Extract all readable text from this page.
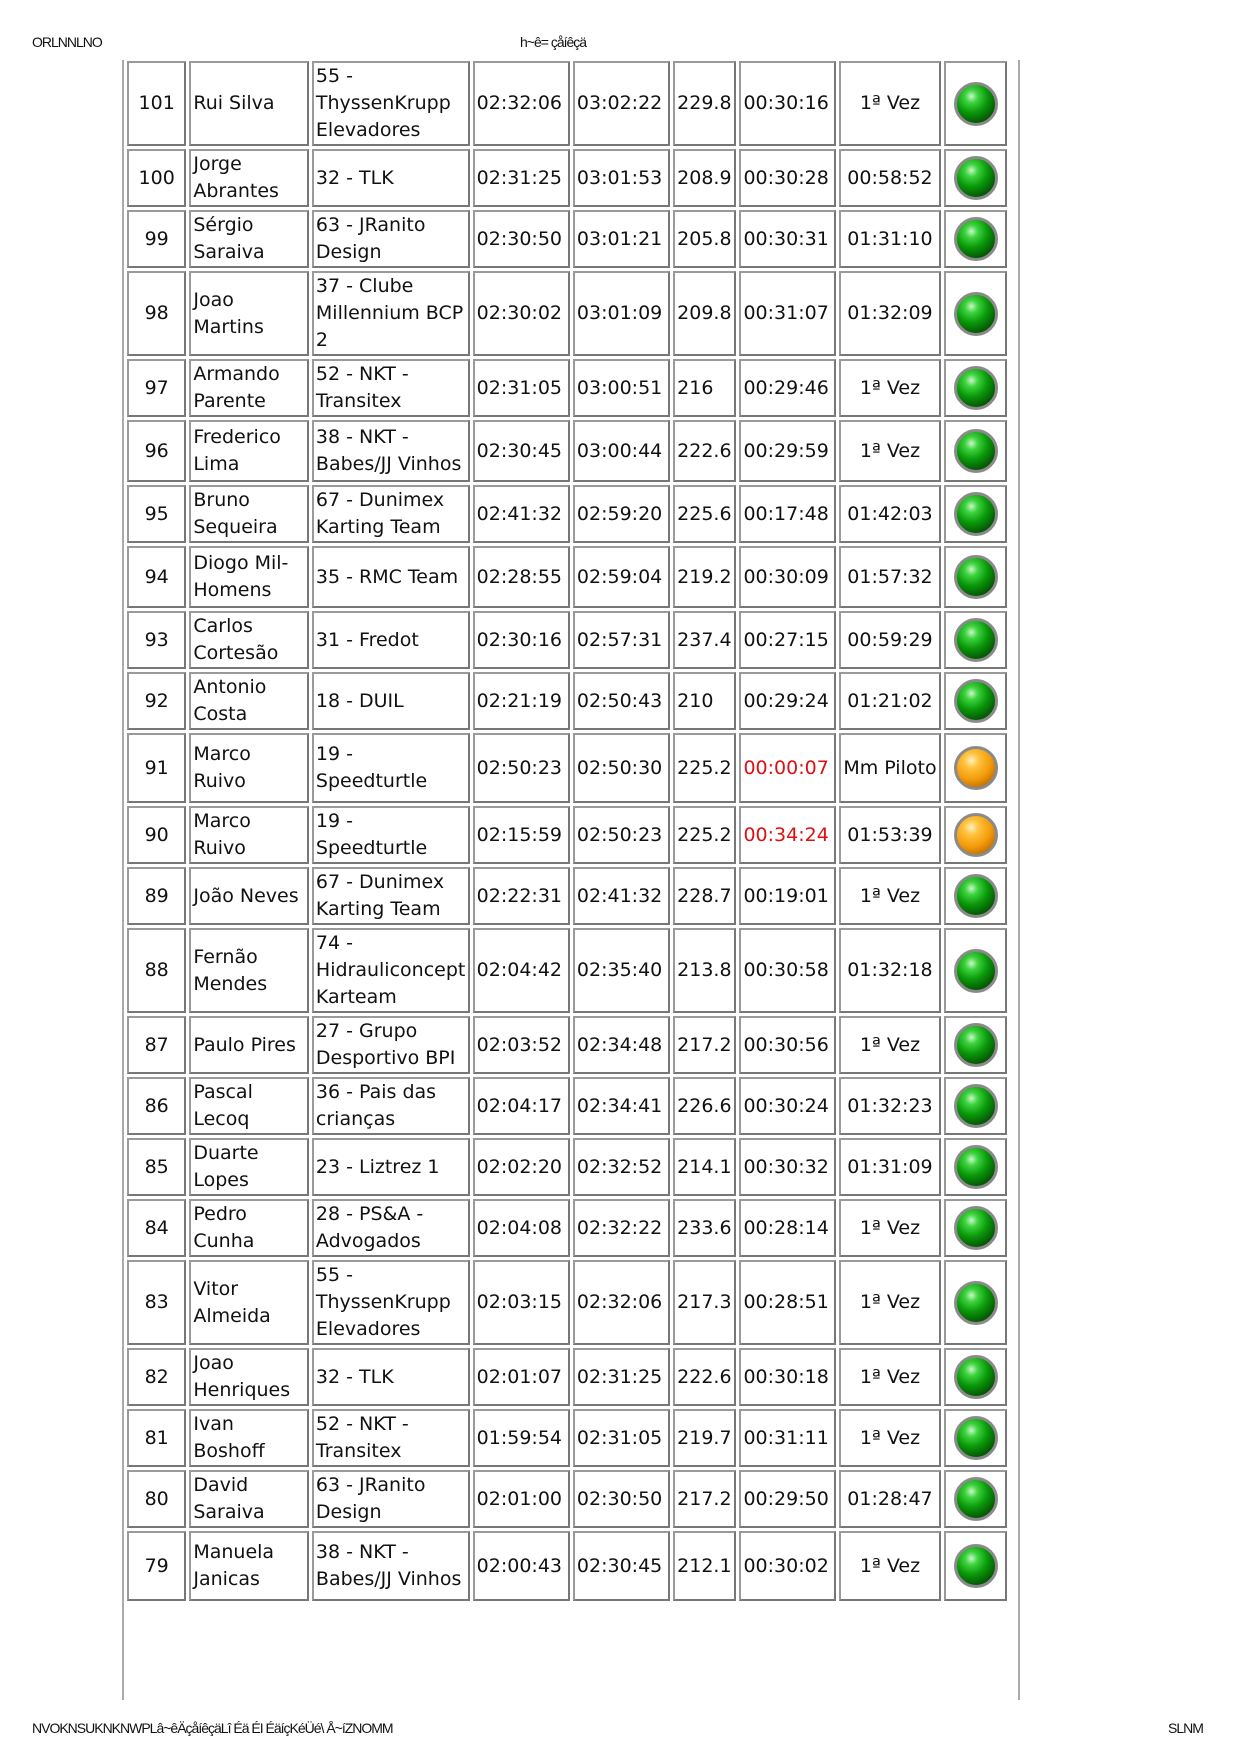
ORLNNLNO	h~ê= çåíêçä
101	Rui Silva	55 - ThyssenKrupp Elevadores	02:32:06	03:02:22	229.8	00:30:16	1ª Vez	
100	Jorge Abrantes	32 - TLK	02:31:25	03:01:53	208.9	00:30:28	00:58:52	
99	Sérgio Saraiva	63 - JRanito Design	02:30:50	03:01:21	205.8	00:30:31	01:31:10	
98	Joao Martins	37 - Clube Millennium BCP 2	02:30:02	03:01:09	209.8	00:31:07	01:32:09	
97	Armando Parente	52 - NKT - Transitex	02:31:05	03:00:51	216	00:29:46	1ª Vez	
96	Frederico Lima	38 - NKT - Babes/JJ Vinhos	02:30:45	03:00:44	222.6	00:29:59	1ª Vez	
95	Bruno Sequeira	67 - Dunimex Karting Team	02:41:32	02:59:20	225.6	00:17:48	01:42:03	
94	Diogo Mil-Homens	35 - RMC Team	02:28:55	02:59:04	219.2	00:30:09	01:57:32	
93	Carlos Cortesão	31 - Fredot	02:30:16	02:57:31	237.4	00:27:15	00:59:29	
92	Antonio Costa	18 - DUIL	02:21:19	02:50:43	210	00:29:24	01:21:02	
91	Marco Ruivo	19 - Speedturtle	02:50:23	02:50:30	225.2	00:00:07	Mm Piloto	
90	Marco Ruivo	19 - Speedturtle	02:15:59	02:50:23	225.2	00:34:24	01:53:39	
89	João Neves	67 - Dunimex Karting Team	02:22:31	02:41:32	228.7	00:19:01	1ª Vez	
88	Fernão Mendes	74 - Hidrauliconcept Karteam	02:04:42	02:35:40	213.8	00:30:58	01:32:18	
87	Paulo Pires	27 - Grupo Desportivo BPI	02:03:52	02:34:48	217.2	00:30:56	1ª Vez	
86	Pascal Lecoq	36 - Pais das crianças	02:04:17	02:34:41	226.6	00:30:24	01:32:23	
85	Duarte Lopes	23 - Liztrez 1	02:02:20	02:32:52	214.1	00:30:32	01:31:09	
84	Pedro Cunha	28 - PS&A - Advogados	02:04:08	02:32:22	233.6	00:28:14	1ª Vez	
83	Vitor Almeida	55 - ThyssenKrupp Elevadores	02:03:15	02:32:06	217.3	00:28:51	1ª Vez	
82	Joao Henriques	32 - TLK	02:01:07	02:31:25	222.6	00:30:18	1ª Vez	
81	Ivan Boshoff	52 - NKT - Transitex	01:59:54	02:31:05	219.7	00:31:11	1ª Vez	
80	David Saraiva	63 - JRanito Design	02:01:00	02:30:50	217.2	00:29:50	01:28:47	
79	Manuela Janicas	38 - NKT - Babes/JJ Vinhos	02:00:43	02:30:45	212.1	00:30:02	1ª Vez	
NVOKNSUKNKNWPLâ~êÄçåíêçäLî Éä ÉI ÉäíçKéÜé\ Å~íZNOMM	SLNM
